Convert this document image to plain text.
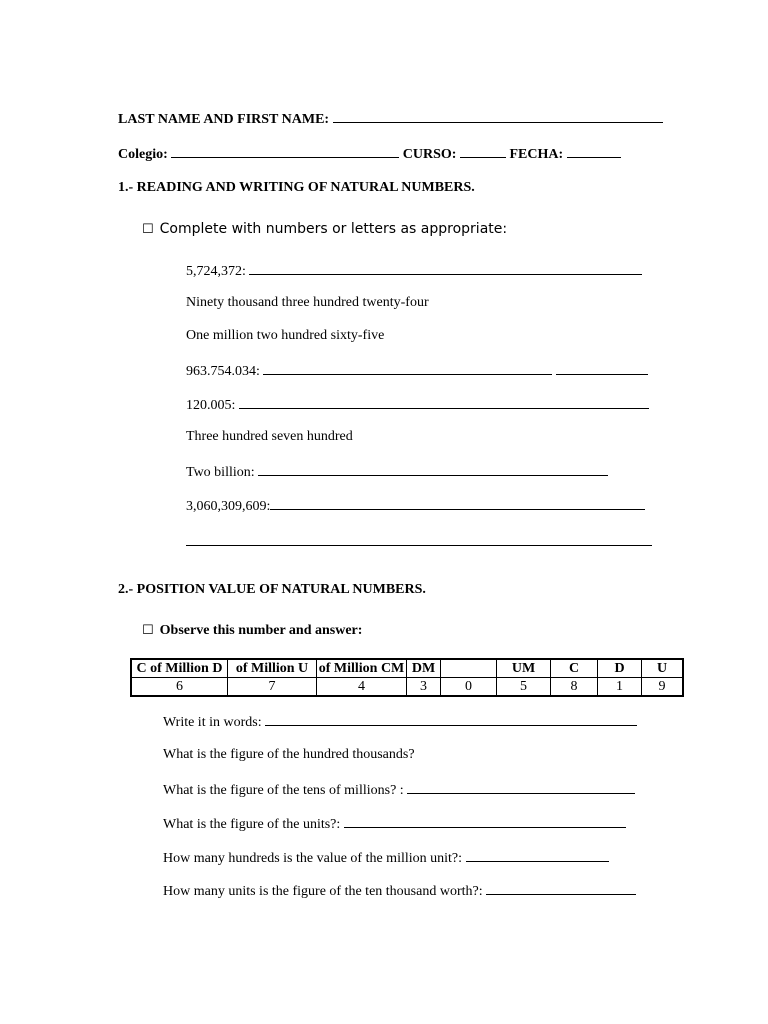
LAST NAME AND FIRST NAME:
Colegio:	CURSO:	FECHA:
1.- READING AND WRITING OF NATURAL NUMBERS.
☐ Complete with numbers or letters as appropriate:
5,724,372:
Ninety thousand three hundred twenty-four
One million two hundred sixty-five
963.754.034:
120.005:
Three hundred seven hundred
Two billion:
3,060,309,609:
2.- POSITION VALUE OF NATURAL NUMBERS.
☐ Observe this number and answer:
C of Million D	of Million U	of Million CM	DM		UM	C	D	U
6	7	4	3	0	5	8	1	9
Write it in words:
What is the figure of the hundred thousands?
What is the figure of the tens of millions? :
What is the figure of the units?:
How many hundreds is the value of the million unit?:
How many units is the figure of the ten thousand worth?:
